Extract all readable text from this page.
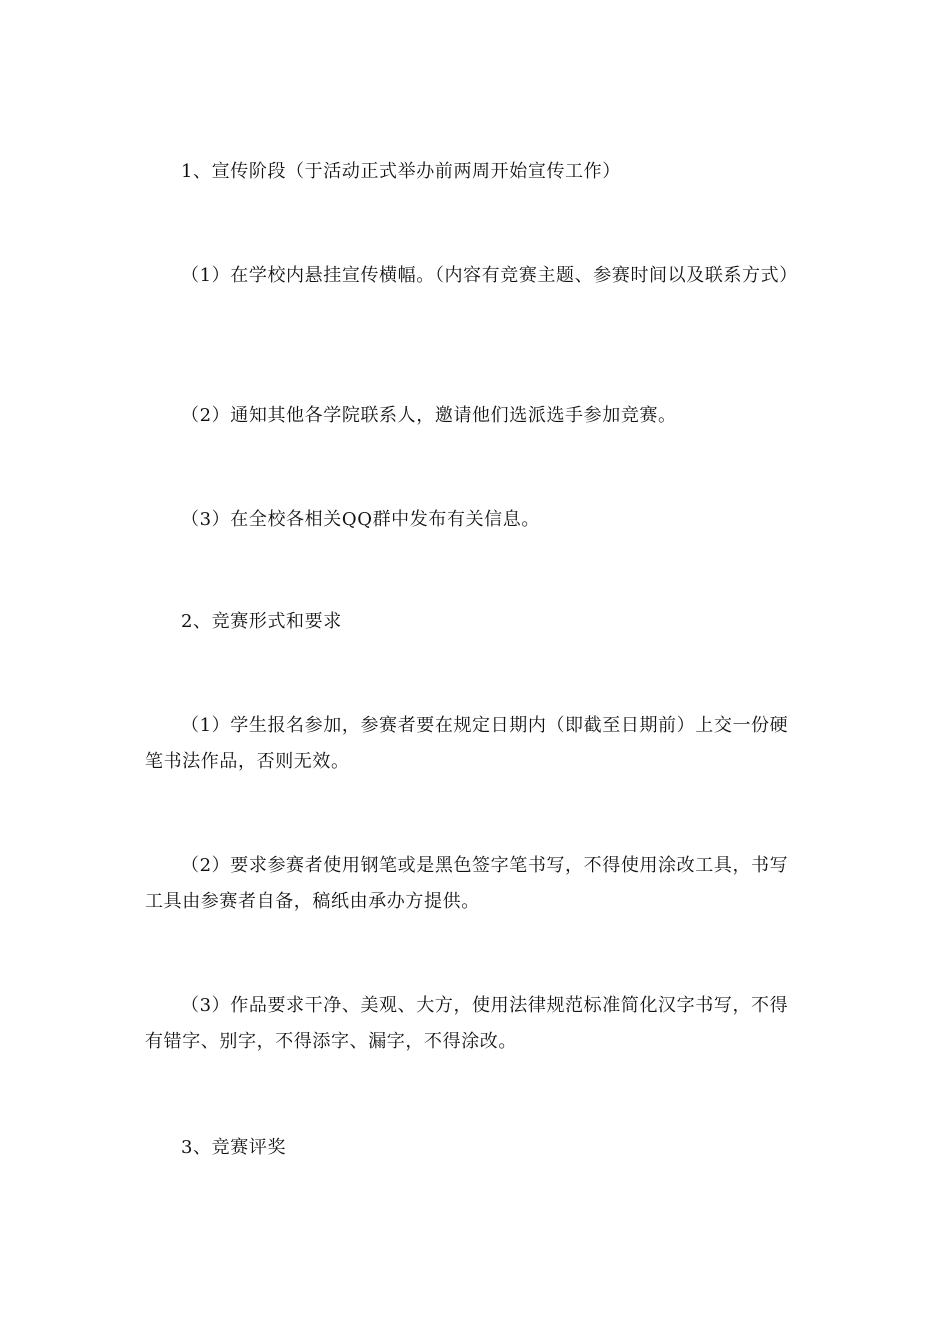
1、宣传阶段（于活动正式举办前两周开始宣传工作）

（1）在学校内悬挂宣传横幅。（内容有竞赛主题、参赛时间以及联系方式）

（2）通知其他各学院联系人，邀请他们选派选手参加竞赛。

（3）在全校各相关QQ群中发布有关信息。

2、竞赛形式和要求

（1）学生报名参加，参赛者要在规定日期内（即截至日期前）上交一份硬笔书法作品，否则无效。

（2）要求参赛者使用钢笔或是黑色签字笔书写，不得使用涂改工具，书写工具由参赛者自备，稿纸由承办方提供。

（3）作品要求干净、美观、大方，使用法律规范标准简化汉字书写，不得有错字、别字，不得添字、漏字，不得涂改。

3、竞赛评奖
